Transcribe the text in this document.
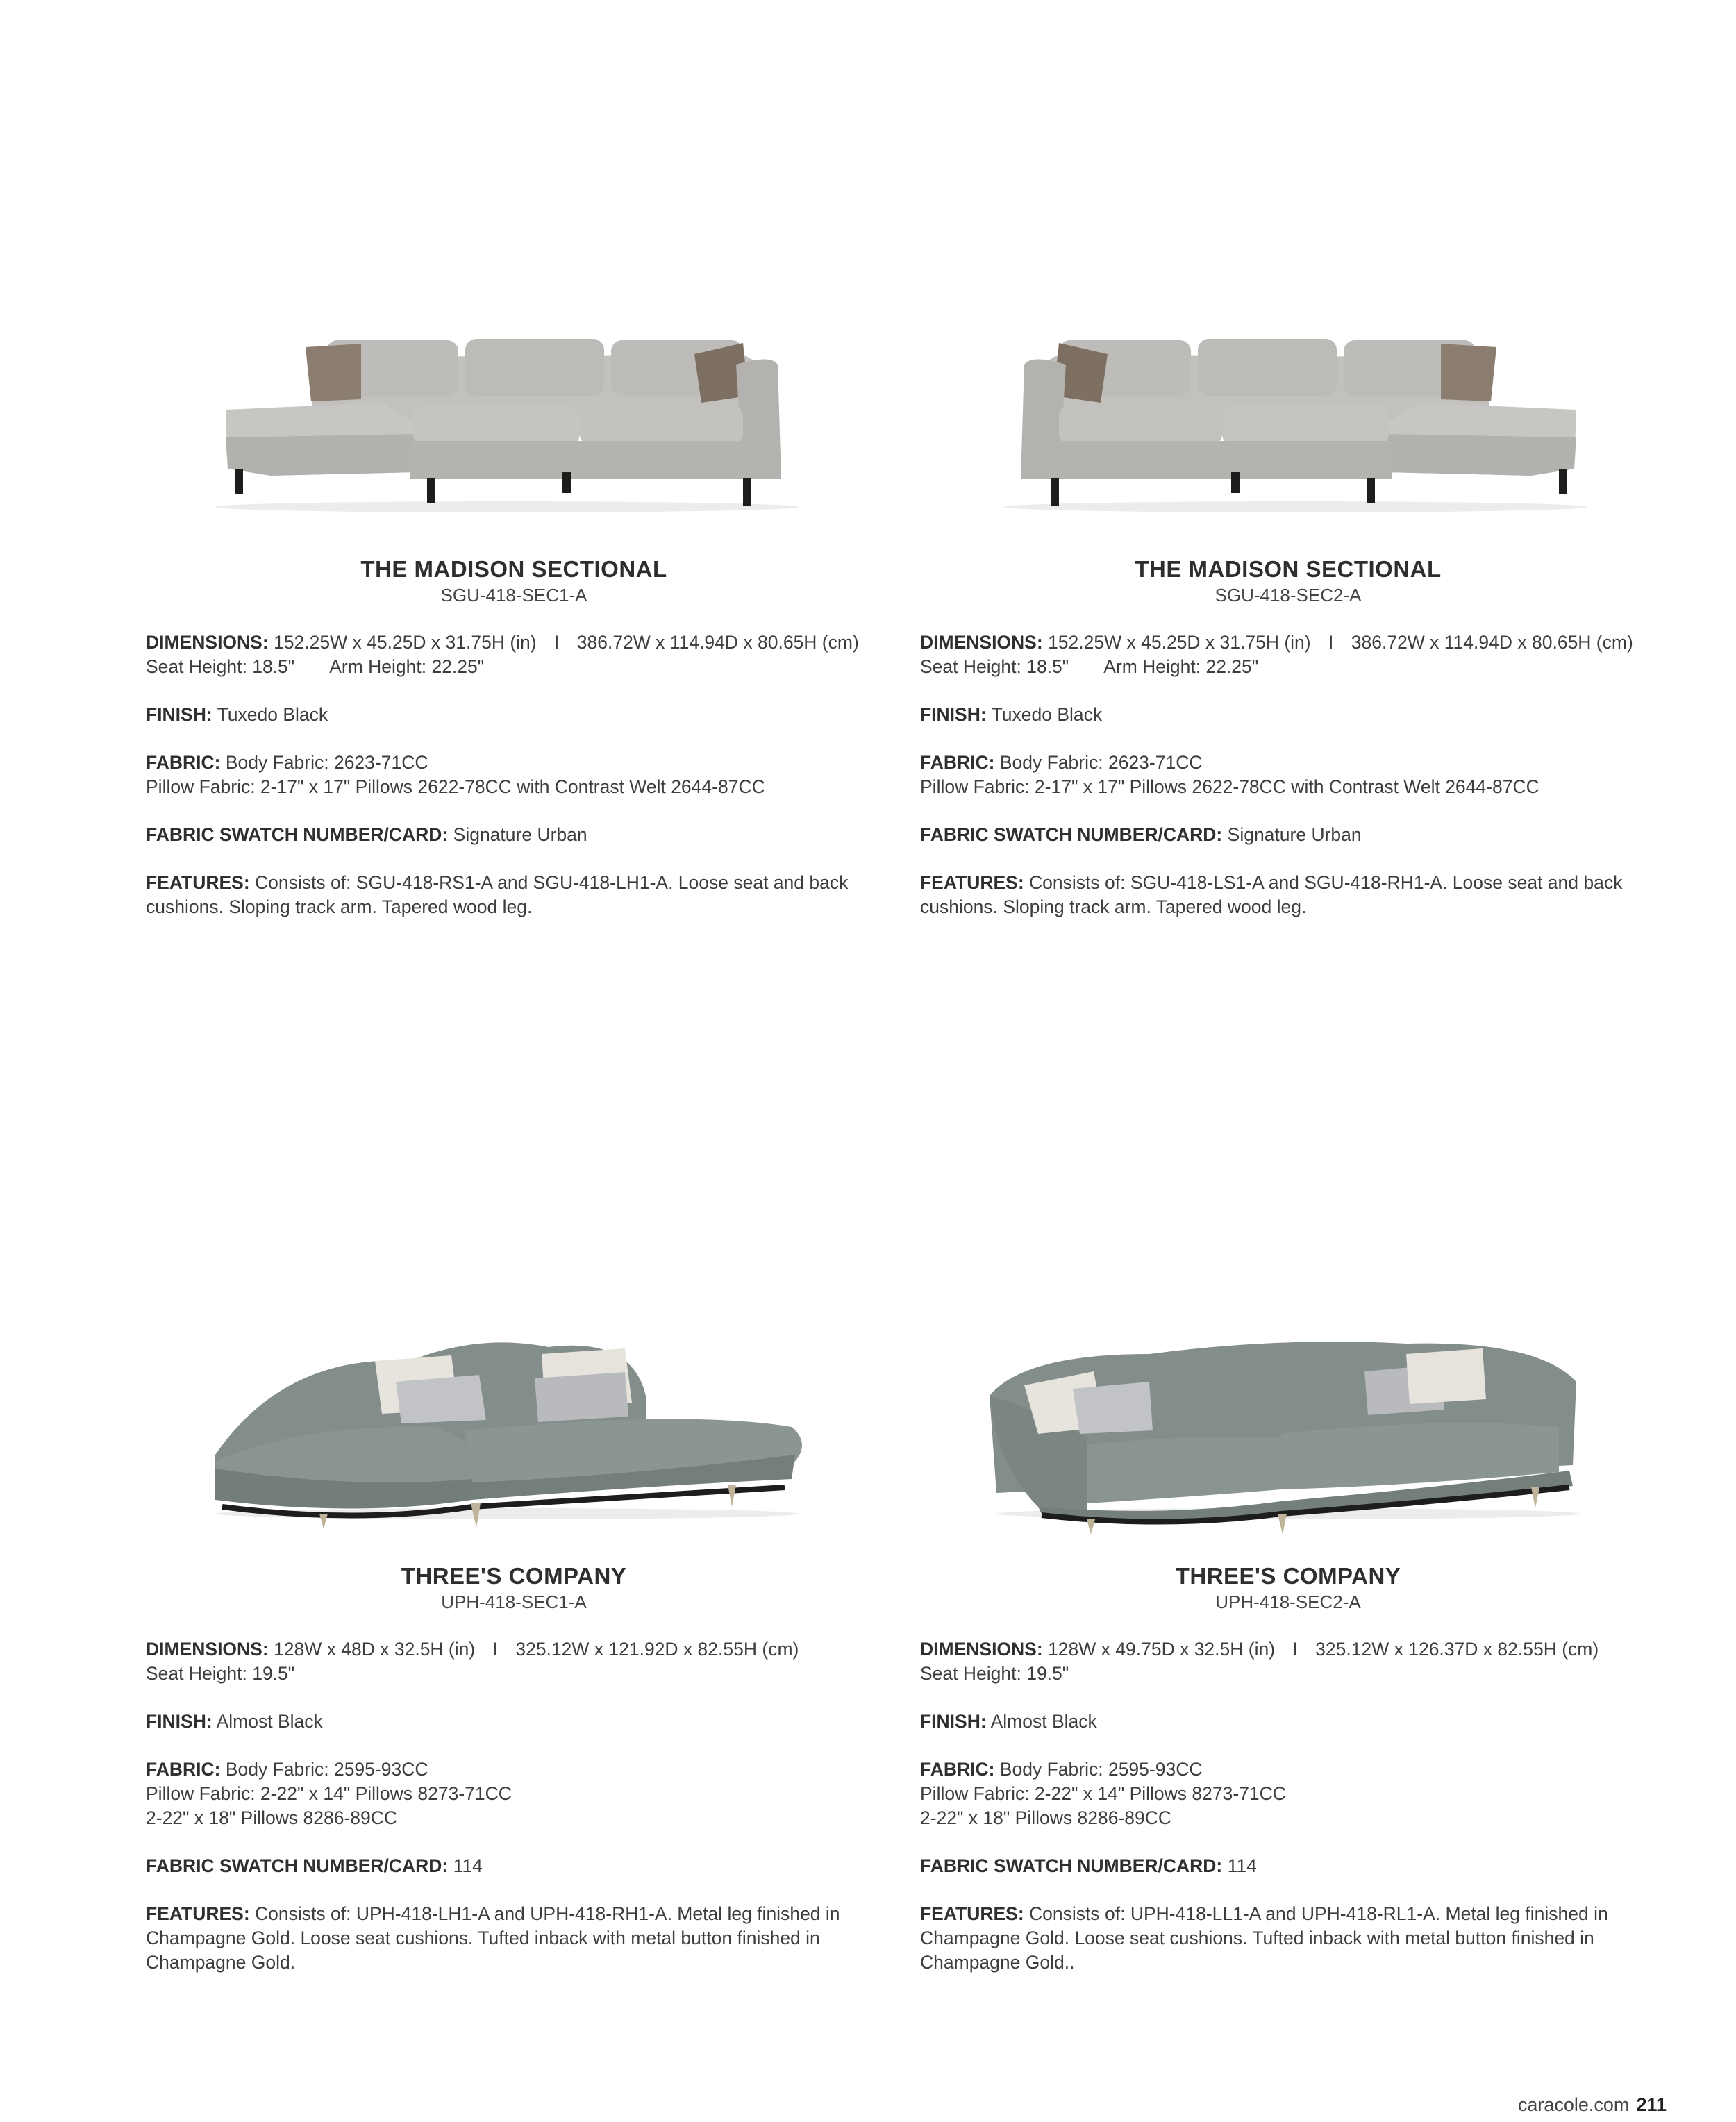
THE MADISON SECTIONAL
SGU-418-SEC1-A
DIMENSIONS: 152.25W x 45.25D x 31.75H (in) I 386.72W x 114.94D x 80.65H (cm)
Seat Height: 18.5" Arm Height: 22.25"
FINISH: Tuxedo Black
FABRIC: Body Fabric: 2623-71CC
Pillow Fabric: 2-17" x 17" Pillows 2622-78CC with Contrast Welt 2644-87CC
FABRIC SWATCH NUMBER/CARD: Signature Urban
FEATURES: Consists of: SGU-418-RS1-A and SGU-418-LH1-A. Loose seat and back cushions. Sloping track arm. Tapered wood leg.
THE MADISON SECTIONAL
SGU-418-SEC2-A
DIMENSIONS: 152.25W x 45.25D x 31.75H (in) I 386.72W x 114.94D x 80.65H (cm)
Seat Height: 18.5" Arm Height: 22.25"
FINISH: Tuxedo Black
FABRIC: Body Fabric: 2623-71CC
Pillow Fabric: 2-17" x 17" Pillows 2622-78CC with Contrast Welt 2644-87CC
FABRIC SWATCH NUMBER/CARD: Signature Urban
FEATURES: Consists of: SGU-418-LS1-A and SGU-418-RH1-A. Loose seat and back cushions. Sloping track arm. Tapered wood leg.
THREE'S COMPANY
UPH-418-SEC1-A
DIMENSIONS: 128W x 48D x 32.5H (in) I 325.12W x 121.92D x 82.55H (cm)
Seat Height: 19.5"
FINISH: Almost Black
FABRIC: Body Fabric: 2595-93CC
Pillow Fabric: 2-22" x 14" Pillows 8273-71CC
2-22" x 18" Pillows 8286-89CC
FABRIC SWATCH NUMBER/CARD: 114
FEATURES: Consists of: UPH-418-LH1-A and UPH-418-RH1-A. Metal leg finished in Champagne Gold. Loose seat cushions. Tufted inback with metal button finished in Champagne Gold.
THREE'S COMPANY
UPH-418-SEC2-A
DIMENSIONS: 128W x 49.75D x 32.5H (in) I 325.12W x 126.37D x 82.55H (cm)
Seat Height: 19.5"
FINISH: Almost Black
FABRIC: Body Fabric: 2595-93CC
Pillow Fabric: 2-22" x 14" Pillows 8273-71CC
2-22" x 18" Pillows 8286-89CC
FABRIC SWATCH NUMBER/CARD: 114
FEATURES: Consists of: UPH-418-LL1-A and UPH-418-RL1-A. Metal leg finished in Champagne Gold. Loose seat cushions. Tufted inback with metal button finished in Champagne Gold..
caracole.com 211
